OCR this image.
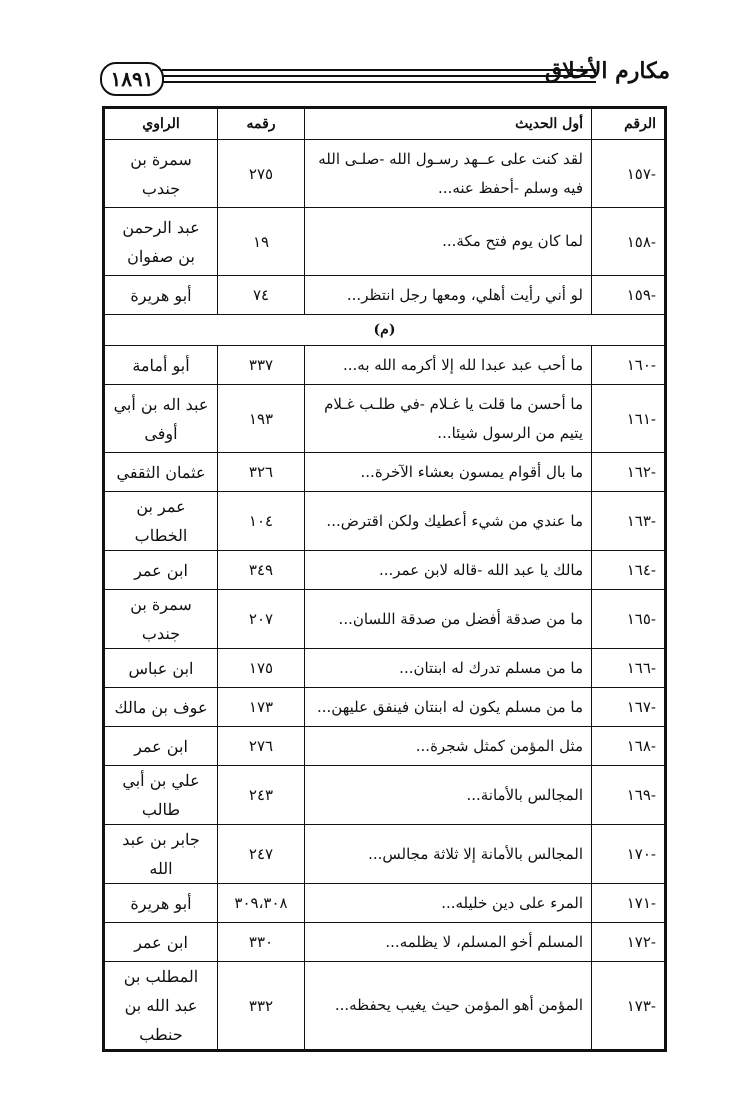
١٨٩١	مكارم الأخلاق
الرقم	أول الحديث	رقمه	الراوي
-١٥٧	لقد كنت على عــهد رسـول الله -صلـى الله فيه وسلم -أحفظ عنه...	٢٧٥	سمرة بن جندب
-١٥٨	لما كان يوم فتح مكة...	١٩	عبد الرحمن بن صفوان
-١٥٩	لو أني رأيت أهلي، ومعها رجل انتظر...	٧٤	أبو هريرة
(م)			
-١٦٠	ما أحب عبد عبدا لله إلا أكرمه الله به...	٣٣٧	أبو أمامة
-١٦١	ما أحسن ما قلت يا غـلام -في طلـب غـلام يتيم من الرسول شيئا...	١٩٣	عبد اله بن أبي أوفى
-١٦٢	ما بال أقوام يمسون بعشاء الآخرة...	٣٢٦	عثمان الثقفي
-١٦٣	ما عندي من شيء أعطيك ولكن اقترض...	١٠٤	عمر بن الخطاب
-١٦٤	مالك يا عبد الله -قاله لابن عمر...	٣٤٩	ابن عمر
-١٦٥	ما من صدقة أفضل من صدقة اللسان...	٢٠٧	سمرة بن جندب
-١٦٦	ما من مسلم تدرك له ابنتان...	١٧٥	ابن عباس
-١٦٧	ما من مسلم يكون له ابنتان فينفق عليهن...	١٧٣	عوف بن مالك
-١٦٨	مثل المؤمن كمثل شجرة...	٢٧٦	ابن عمر
-١٦٩	المجالس بالأمانة...	٢٤٣	علي بن أبي طالب
-١٧٠	المجالس بالأمانة إلا ثلاثة مجالس...	٢٤٧	جابر بن عبد الله
-١٧١	المرء على دين خليله...	٣٠٩،٣٠٨	أبو هريرة
-١٧٢	المسلم أخو المسلم، لا يظلمه...	٣٣٠	ابن عمر
-١٧٣	المؤمن أهو المؤمن حيث يغيب يحفظه...	٣٣٢	المطلب بن عبد الله بن حنطب
